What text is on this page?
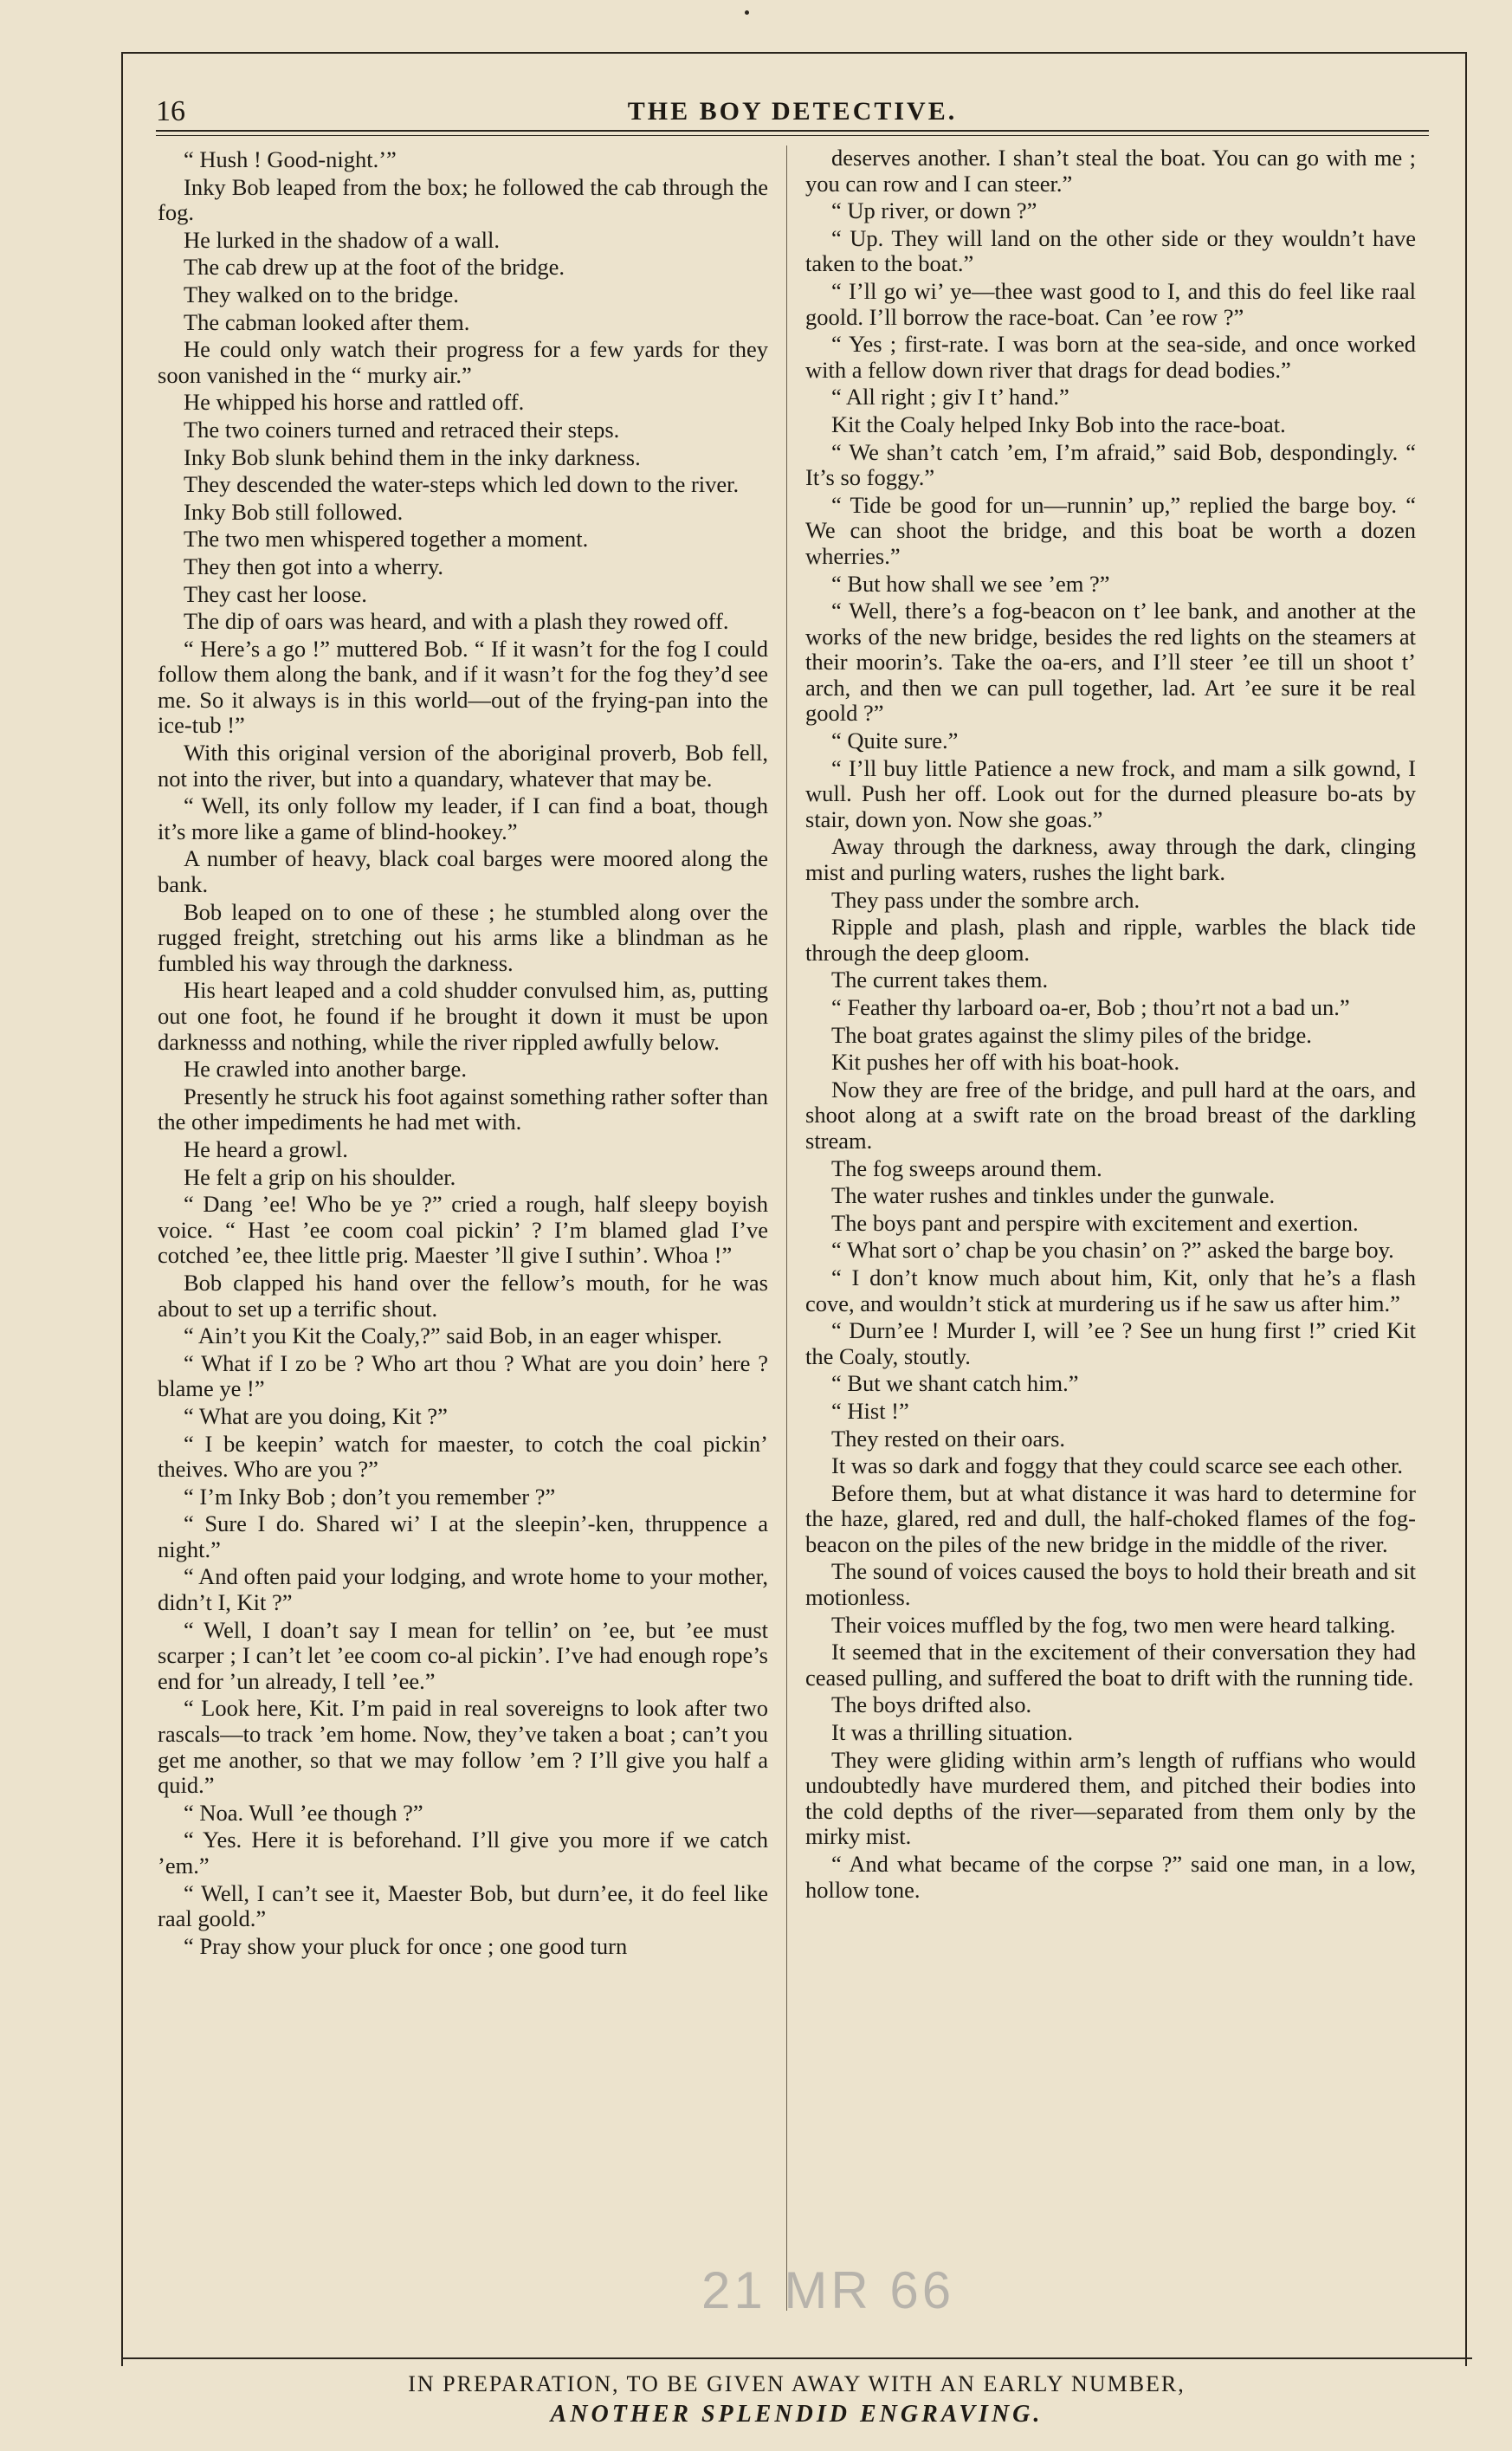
16	THE BOY DETECTIVE.

“ Hush ! Good-night.’”

Inky Bob leaped from the box; he followed the cab through the fog.

He lurked in the shadow of a wall.

The cab drew up at the foot of the bridge.

They walked on to the bridge.

The cabman looked after them.

He could only watch their progress for a few yards for they soon vanished in the “ murky air.”

He whipped his horse and rattled off.

The two coiners turned and retraced their steps.

Inky Bob slunk behind them in the inky darkness.

They descended the water-steps which led down to the river.

Inky Bob still followed.

The two men whispered together a moment.

They then got into a wherry.

They cast her loose.

The dip of oars was heard, and with a plash they rowed off.

“ Here’s a go !” muttered Bob. “ If it wasn’t for the fog I could follow them along the bank, and if it wasn’t for the fog they’d see me. So it always is in this world—out of the frying-pan into the ice-tub !”

With this original version of the aboriginal proverb, Bob fell, not into the river, but into a quandary, whatever that may be.

“ Well, its only follow my leader, if I can find a boat, though it’s more like a game of blind-hookey.”

A number of heavy, black coal barges were moored along the bank.

Bob leaped on to one of these ; he stumbled along over the rugged freight, stretching out his arms like a blindman as he fumbled his way through the darkness.

His heart leaped and a cold shudder convulsed him, as, putting out one foot, he found if he brought it down it must be upon darknesss and nothing, while the river rippled awfully below.

He crawled into another barge.

Presently he struck his foot against something rather softer than the other impediments he had met with.

He heard a growl.

He felt a grip on his shoulder.

“ Dang ’ee! Who be ye ?” cried a rough, half sleepy boyish voice. “ Hast ’ee coom coal pickin’ ? I’m blamed glad I’ve cotched ’ee, thee little prig. Maester ’ll give I suthin’. Whoa !”

Bob clapped his hand over the fellow’s mouth, for he was about to set up a terrific shout.

“ Ain’t you Kit the Coaly,?” said Bob, in an eager whisper.

“ What if I zo be ? Who art thou ? What are you doin’ here ? blame ye !”

“ What are you doing, Kit ?”

“ I be keepin’ watch for maester, to cotch the coal pickin’ theives. Who are you ?”

“ I’m Inky Bob ; don’t you remember ?”

“ Sure I do. Shared wi’ I at the sleepin’-ken, thruppence a night.”

“ And often paid your lodging, and wrote home to your mother, didn’t I, Kit ?”

“ Well, I doan’t say I mean for tellin’ on ’ee, but ’ee must scarper ; I can’t let ’ee coom co-al pickin’. I’ve had enough rope’s end for ’un already, I tell ’ee.”

“ Look here, Kit. I’m paid in real sovereigns to look after two rascals—to track ’em home. Now, they’ve taken a boat ; can’t you get me another, so that we may follow ’em ? I’ll give you half a quid.”

“ Noa. Wull ’ee though ?”

“ Yes. Here it is beforehand. I’ll give you more if we catch ’em.”

“ Well, I can’t see it, Maester Bob, but durn’ee, it do feel like raal goold.”

“ Pray show your pluck for once ; one good turn

deserves another. I shan’t steal the boat. You can go with me ; you can row and I can steer.”

“ Up river, or down ?”

“ Up. They will land on the other side or they wouldn’t have taken to the boat.”

“ I’ll go wi’ ye—thee wast good to I, and this do feel like raal goold. I’ll borrow the race-boat. Can ’ee row ?”

“ Yes ; first-rate. I was born at the sea-side, and once worked with a fellow down river that drags for dead bodies.”

“ All right ; giv I t’ hand.”

Kit the Coaly helped Inky Bob into the race-boat.

“ We shan’t catch ’em, I’m afraid,” said Bob, despondingly. “ It’s so foggy.”

“ Tide be good for un—runnin’ up,” replied the barge boy. “ We can shoot the bridge, and this boat be worth a dozen wherries.”

“ But how shall we see ’em ?”

“ Well, there’s a fog-beacon on t’ lee bank, and another at the works of the new bridge, besides the red lights on the steamers at their moorin’s. Take the oa-ers, and I’ll steer ’ee till un shoot t’ arch, and then we can pull together, lad. Art ’ee sure it be real goold ?”

“ Quite sure.”

“ I’ll buy little Patience a new frock, and mam a silk gownd, I wull. Push her off. Look out for the durned pleasure bo-ats by stair, down yon. Now she goas.”

Away through the darkness, away through the dark, clinging mist and purling waters, rushes the light bark.

They pass under the sombre arch.

Ripple and plash, plash and ripple, warbles the black tide through the deep gloom.

The current takes them.

“ Feather thy larboard oa-er, Bob ; thou’rt not a bad un.”

The boat grates against the slimy piles of the bridge.

Kit pushes her off with his boat-hook.

Now they are free of the bridge, and pull hard at the oars, and shoot along at a swift rate on the broad breast of the darkling stream.

The fog sweeps around them.

The water rushes and tinkles under the gunwale.

The boys pant and perspire with excitement and exertion.

“ What sort o’ chap be you chasin’ on ?” asked the barge boy.

“ I don’t know much about him, Kit, only that he’s a flash cove, and wouldn’t stick at murdering us if he saw us after him.”

“ Durn’ee ! Murder I, will ’ee ? See un hung first !” cried Kit the Coaly, stoutly.

“ But we shant catch him.”

“ Hist !”

They rested on their oars.

It was so dark and foggy that they could scarce see each other.

Before them, but at what distance it was hard to determine for the haze, glared, red and dull, the half-choked flames of the fog-beacon on the piles of the new bridge in the middle of the river.

The sound of voices caused the boys to hold their breath and sit motionless.

Their voices muffled by the fog, two men were heard talking.

It seemed that in the excitement of their conversation they had ceased pulling, and suffered the boat to drift with the running tide.

The boys drifted also.

It was a thrilling situation.

They were gliding within arm’s length of ruffians who would undoubtedly have murdered them, and pitched their bodies into the cold depths of the river—separated from them only by the mirky mist.

“ And what became of the corpse ?” said one man, in a low, hollow tone.

21 MR 66
IN PREPARATION, TO BE GIVEN AWAY WITH AN EARLY NUMBER,
ANOTHER SPLENDID ENGRAVING.
